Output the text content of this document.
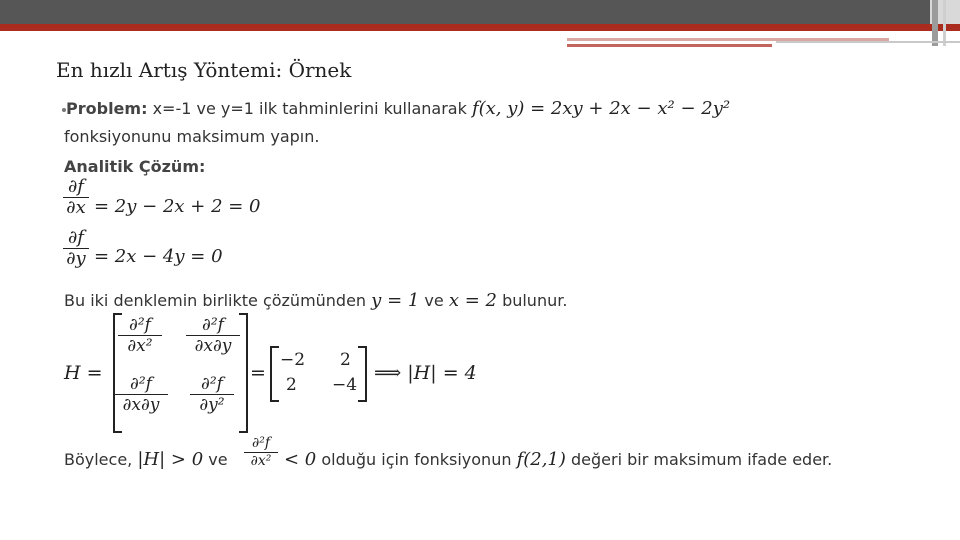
En hızlı Artış Yöntemi: Örnek
Problem: x=-1 ve y=1 ilk tahminlerini kullanarak f(x, y) = 2xy + 2x − x² − 2y²
fonksiyonunu maksimum yapın.
Analitik Çözüm:
∂f
∂x = 2y − 2x + 2 = 0
∂f
∂y = 2x − 4y = 0
Bu iki denklemin birlikte çözümünden y = 1 ve x = 2 bulunur.
H =
∂²f
∂x²
∂²f
∂x∂y
∂²f
∂x∂y
∂²f
∂y²
=
−2 2
2 −4
⟹ |H| = 4
Böylece, |H| > 0 ve
∂²f
∂x² < 0 olduğu için fonksiyonun f(2,1) değeri bir maksimum ifade eder.
